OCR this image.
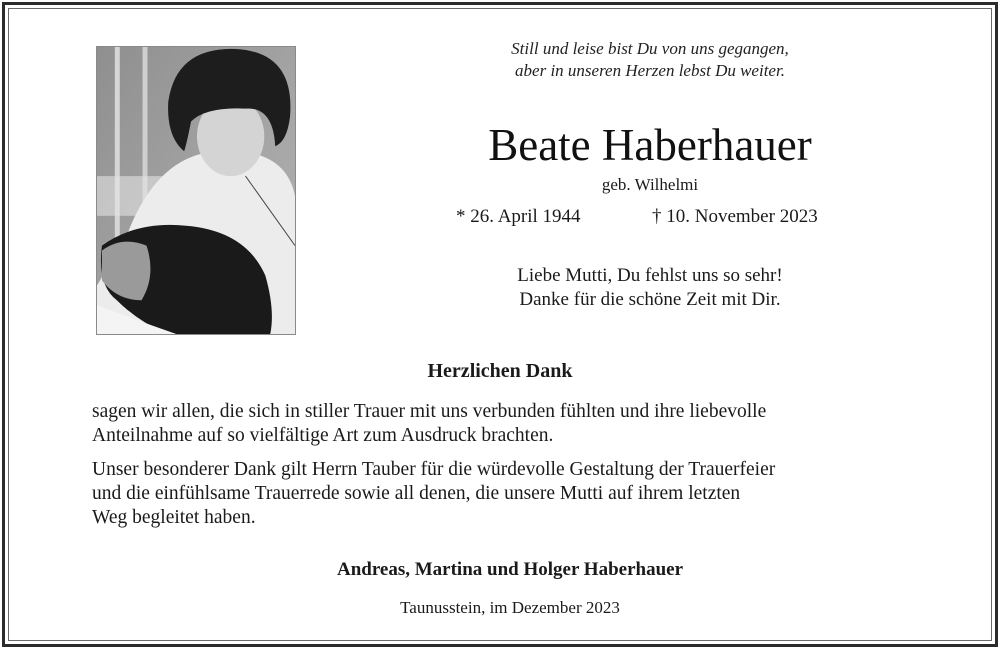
Still und leise bist Du von uns gegangen,
aber in unseren Herzen lebst Du weiter.
Beate Haberhauer
geb. Wilhelmi
* 26. April 1944	† 10. November 2023
Liebe Mutti, Du fehlst uns so sehr!
Danke für die schöne Zeit mit Dir.
Herzlichen Dank

sagen wir allen, die sich in stiller Trauer mit uns verbunden fühlten und ihre liebevolle
Anteilnahme auf so vielfältige Art zum Ausdruck brachten.

Unser besonderer Dank gilt Herrn Tauber für die würdevolle Gestaltung der Trauerfeier
und die einfühlsame Trauerrede sowie all denen, die unsere Mutti auf ihrem letzten
Weg begleitet haben.

Andreas, Martina und Holger Haberhauer
Taunusstein, im Dezember 2023
